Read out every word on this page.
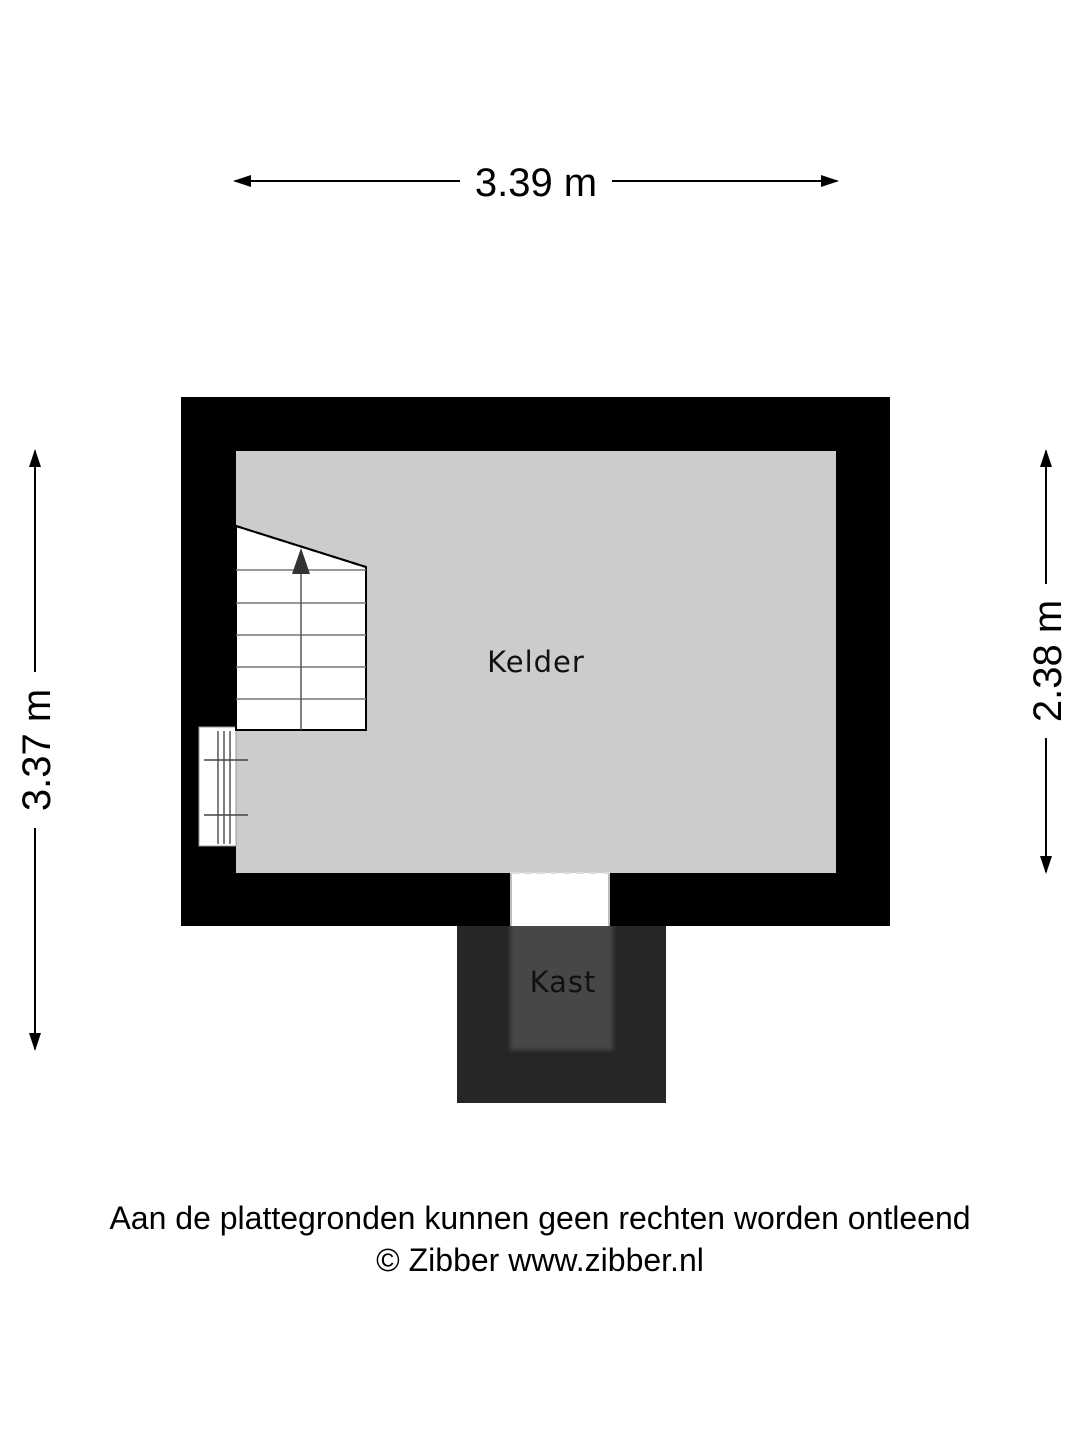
3.39 m
3.37 m
2.38 m
Kast
Kelder
Aan de plattegronden kunnen geen rechten worden ontleend
© Zibber www.zibber.nl
